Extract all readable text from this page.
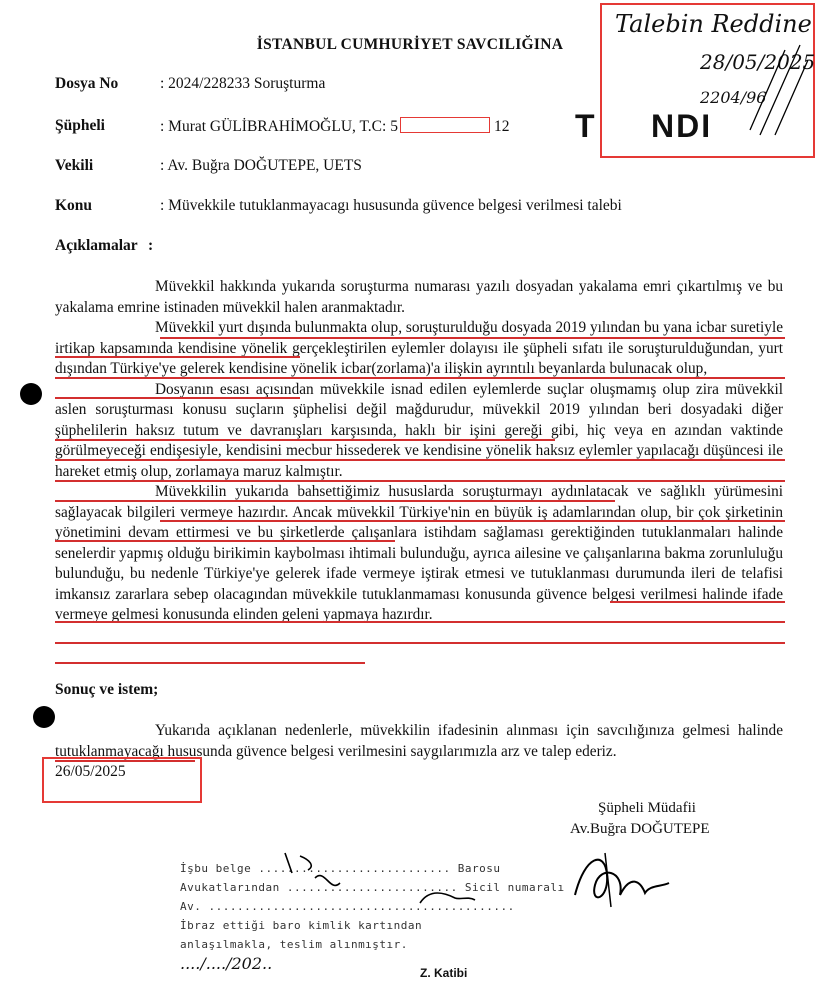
İSTANBUL CUMHURİYET SAVCILIĞINA
Dosya No	: 2024/228233 Soruşturma
Şüpheli	: Murat GÜLİBRAHİMOĞLU, T.C: 5	12
Vekili	: Av. Buğra DOĞUTEPE, UETS
Konu	: Müvekkile tutuklanmayacagı hususunda güvence belgesi verilmesi talebi
Açıklamalar :

Müvekkil hakkında yukarıda soruşturma numarası yazılı dosyadan yakalama emri çıkartılmış ve bu yakalama emrine istinaden müvekkil halen aranmaktadır.

Müvekkil yurt dışında bulunmakta olup, soruşturulduğu dosyada 2019 yılından bu yana icbar suretiyle irtikap kapsamında kendisine yönelik gerçekleştirilen eylemler dolayısı ile şüpheli sıfatı ile soruşturulduğundan, yurt dışından Türkiye'ye gelerek kendisine yönelik icbar(zorlama)'a ilişkin ayrıntılı beyanlarda bulunacak olup,

Dosyanın esası açısından müvekkile isnad edilen eylemlerde suçlar oluşmamış olup zira müvekkil aslen soruşturması konusu suçların şüphelisi değil mağdurudur, müvekkil 2019 yılından beri dosyadaki diğer şüphelilerin haksız tutum ve davranışları karşısında, haklı bir işini gereği gibi, hiç veya en azından vaktinde görülmeyeceği endişesiyle, kendisini mecbur hissederek ve kendisine yönelik haksız eylemler yapılacağı düşüncesi ile hareket etmiş olup, zorlamaya maruz kalmıştır.

Müvekkilin yukarıda bahsettiğimiz hususlarda soruşturmayı aydınlatacak ve sağlıklı yürümesini sağlayacak bilgileri vermeye hazırdır. Ancak müvekkil Türkiye'nin en büyük iş adamlarından olup, bir çok şirketinin yönetimini devam ettirmesi ve bu şirketlerde çalışanlara istihdam sağlaması gerektiğinden tutuklanmaları halinde senelerdir yapmış olduğu birikimin kaybolması ihtimali bulunduğu, ayrıca ailesine ve çalışanlarına bakma zorunluluğu bulunduğu, bu nedenle Türkiye'ye gelerek ifade vermeye iştirak etmesi ve tutuklanması durumunda ileri de telafisi imkansız zararlara sebep olacagından müvekkile tutuklanmaması konusunda güvence belgesi verilmesi halinde ifade vermeye gelmesi konusunda elinden geleni yapmaya hazırdır.

Sonuç ve istem;

Yukarıda açıklanan nedenlerle, müvekkilin ifadesinin alınması için savcılığınıza gelmesi halinde tutuklanmayacağı hususunda güvence belgesi verilmesini saygılarımızla arz ve talep ederiz.

26/05/2025
Şüpheli Müdafii
Av.Buğra DOĞUTEPE
Talebin Reddine
28/05/2025
2204/96
T     NDI
İşbu belge ........................... Barosu
Avukatlarından ........................ Sicil numaralı
Av. ...........................................
İbraz ettiği baro kimlik kartından
anlaşılmakla, teslim alınmıştır.
..../..../202..	Z. Katibi
